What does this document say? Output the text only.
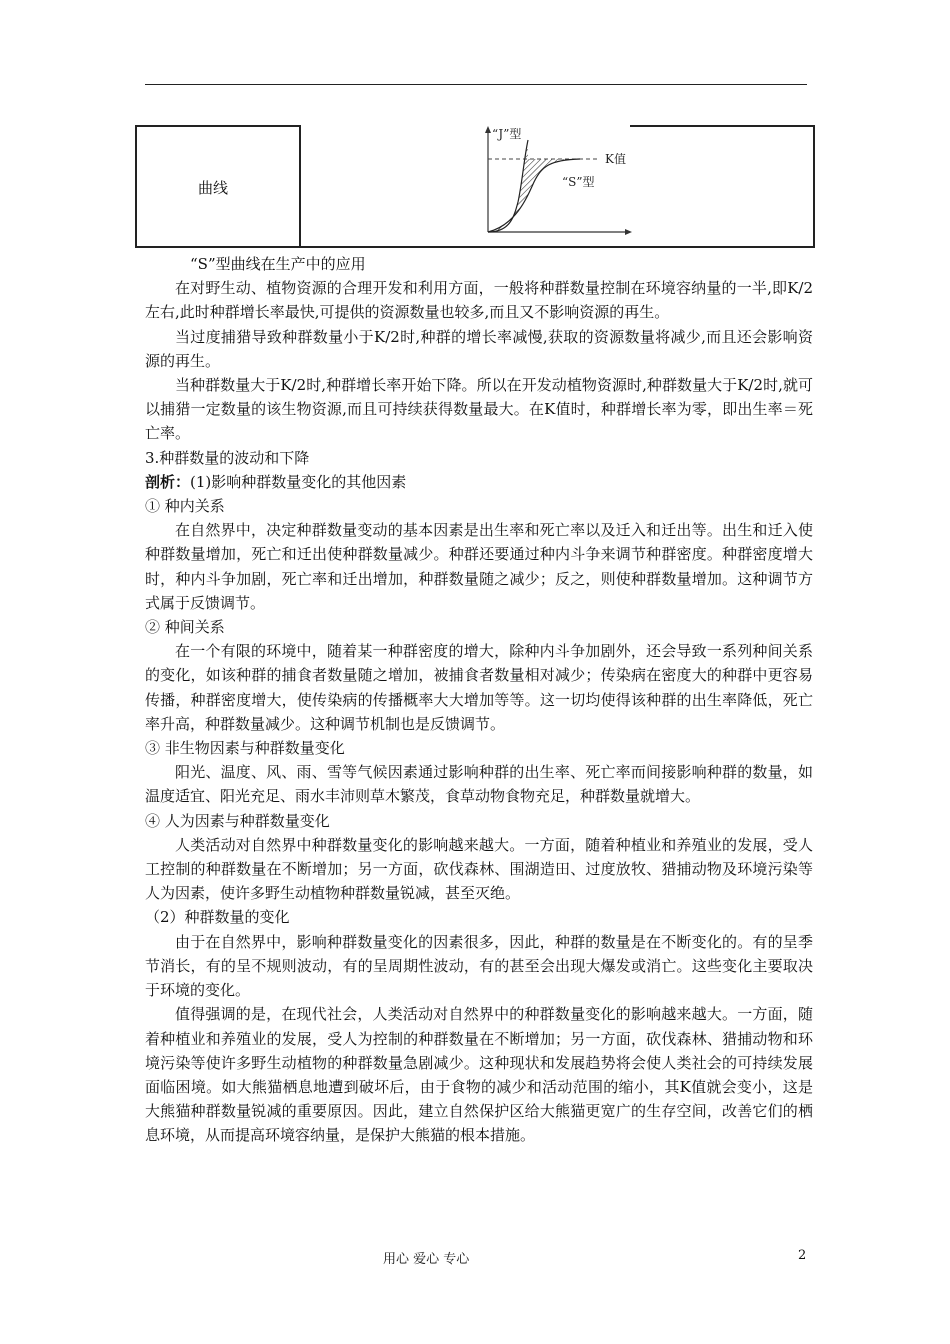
曲线
“J”型
K值
“S”型

“S”型曲线在生产中的应用

在对野生动、植物资源的合理开发和利用方面，一般将种群数量控制在环境容纳量的一半,即K/2左右,此时种群增长率最快,可提供的资源数量也较多,而且又不影响资源的再生。

当过度捕猎导致种群数量小于K/2时,种群的增长率减慢,获取的资源数量将减少,而且还会影响资源的再生。

当种群数量大于K/2时,种群增长率开始下降。所以在开发动植物资源时,种群数量大于K/2时,就可以捕猎一定数量的该生物资源,而且可持续获得数量最大。在K值时，种群增长率为零，即出生率＝死亡率。

3.种群数量的波动和下降

剖析：(1)影响种群数量变化的其他因素

① 种内关系

在自然界中，决定种群数量变动的基本因素是出生率和死亡率以及迁入和迁出等。出生和迁入使种群数量增加，死亡和迁出使种群数量减少。种群还要通过种内斗争来调节种群密度。种群密度增大时，种内斗争加剧，死亡率和迁出增加，种群数量随之减少；反之，则使种群数量增加。这种调节方式属于反馈调节。

② 种间关系

在一个有限的环境中，随着某一种群密度的增大，除种内斗争加剧外，还会导致一系列种间关系的变化，如该种群的捕食者数量随之增加，被捕食者数量相对减少；传染病在密度大的种群中更容易传播，种群密度增大，使传染病的传播概率大大增加等等。这一切均使得该种群的出生率降低，死亡率升高，种群数量减少。这种调节机制也是反馈调节。

③ 非生物因素与种群数量变化

阳光、温度、风、雨、雪等气候因素通过影响种群的出生率、死亡率而间接影响种群的数量，如温度适宜、阳光充足、雨水丰沛则草木繁茂，食草动物食物充足，种群数量就增大。

④ 人为因素与种群数量变化

人类活动对自然界中种群数量变化的影响越来越大。一方面，随着种植业和养殖业的发展，受人工控制的种群数量在不断增加；另一方面，砍伐森林、围湖造田、过度放牧、猎捕动物及环境污染等人为因素，使许多野生动植物种群数量锐减，甚至灭绝。

（2）种群数量的变化

由于在自然界中，影响种群数量变化的因素很多，因此，种群的数量是在不断变化的。有的呈季节消长，有的呈不规则波动，有的呈周期性波动，有的甚至会出现大爆发或消亡。这些变化主要取决于环境的变化。

值得强调的是，在现代社会，人类活动对自然界中的种群数量变化的影响越来越大。一方面，随着种植业和养殖业的发展，受人为控制的种群数量在不断增加；另一方面，砍伐森林、猎捕动物和环境污染等使许多野生动植物的种群数量急剧减少。这种现状和发展趋势将会使人类社会的可持续发展面临困境。如大熊猫栖息地遭到破坏后，由于食物的减少和活动范围的缩小，其K值就会变小，这是大熊猫种群数量锐减的重要原因。因此，建立自然保护区给大熊猫更宽广的生存空间，改善它们的栖息环境，从而提高环境容纳量，是保护大熊猫的根本措施。

用心 爱心 专心	2
